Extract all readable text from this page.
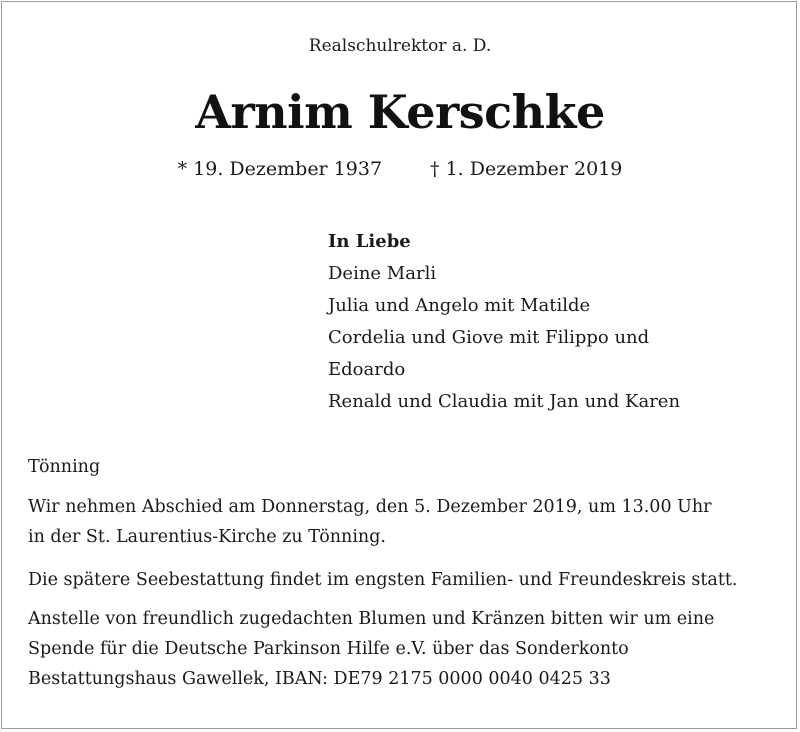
Realschulrektor a. D.
Arnim Kerschke
* 19. Dezember 1937	† 1. Dezember 2019
In Liebe
Deine Marli
Julia und Angelo mit Matilde
Cordelia und Giove mit Filippo und
Edoardo
Renald und Claudia mit Jan und Karen
Tönning
Wir nehmen Abschied am Donnerstag, den 5. Dezember 2019, um 13.00 Uhr
in der St. Laurentius-Kirche zu Tönning.
Die spätere Seebestattung findet im engsten Familien- und Freundeskreis statt.
Anstelle von freundlich zugedachten Blumen und Kränzen bitten wir um eine
Spende für die Deutsche Parkinson Hilfe e.V. über das Sonderkonto
Bestattungshaus Gawellek, IBAN: DE79 2175 0000 0040 0425 33
